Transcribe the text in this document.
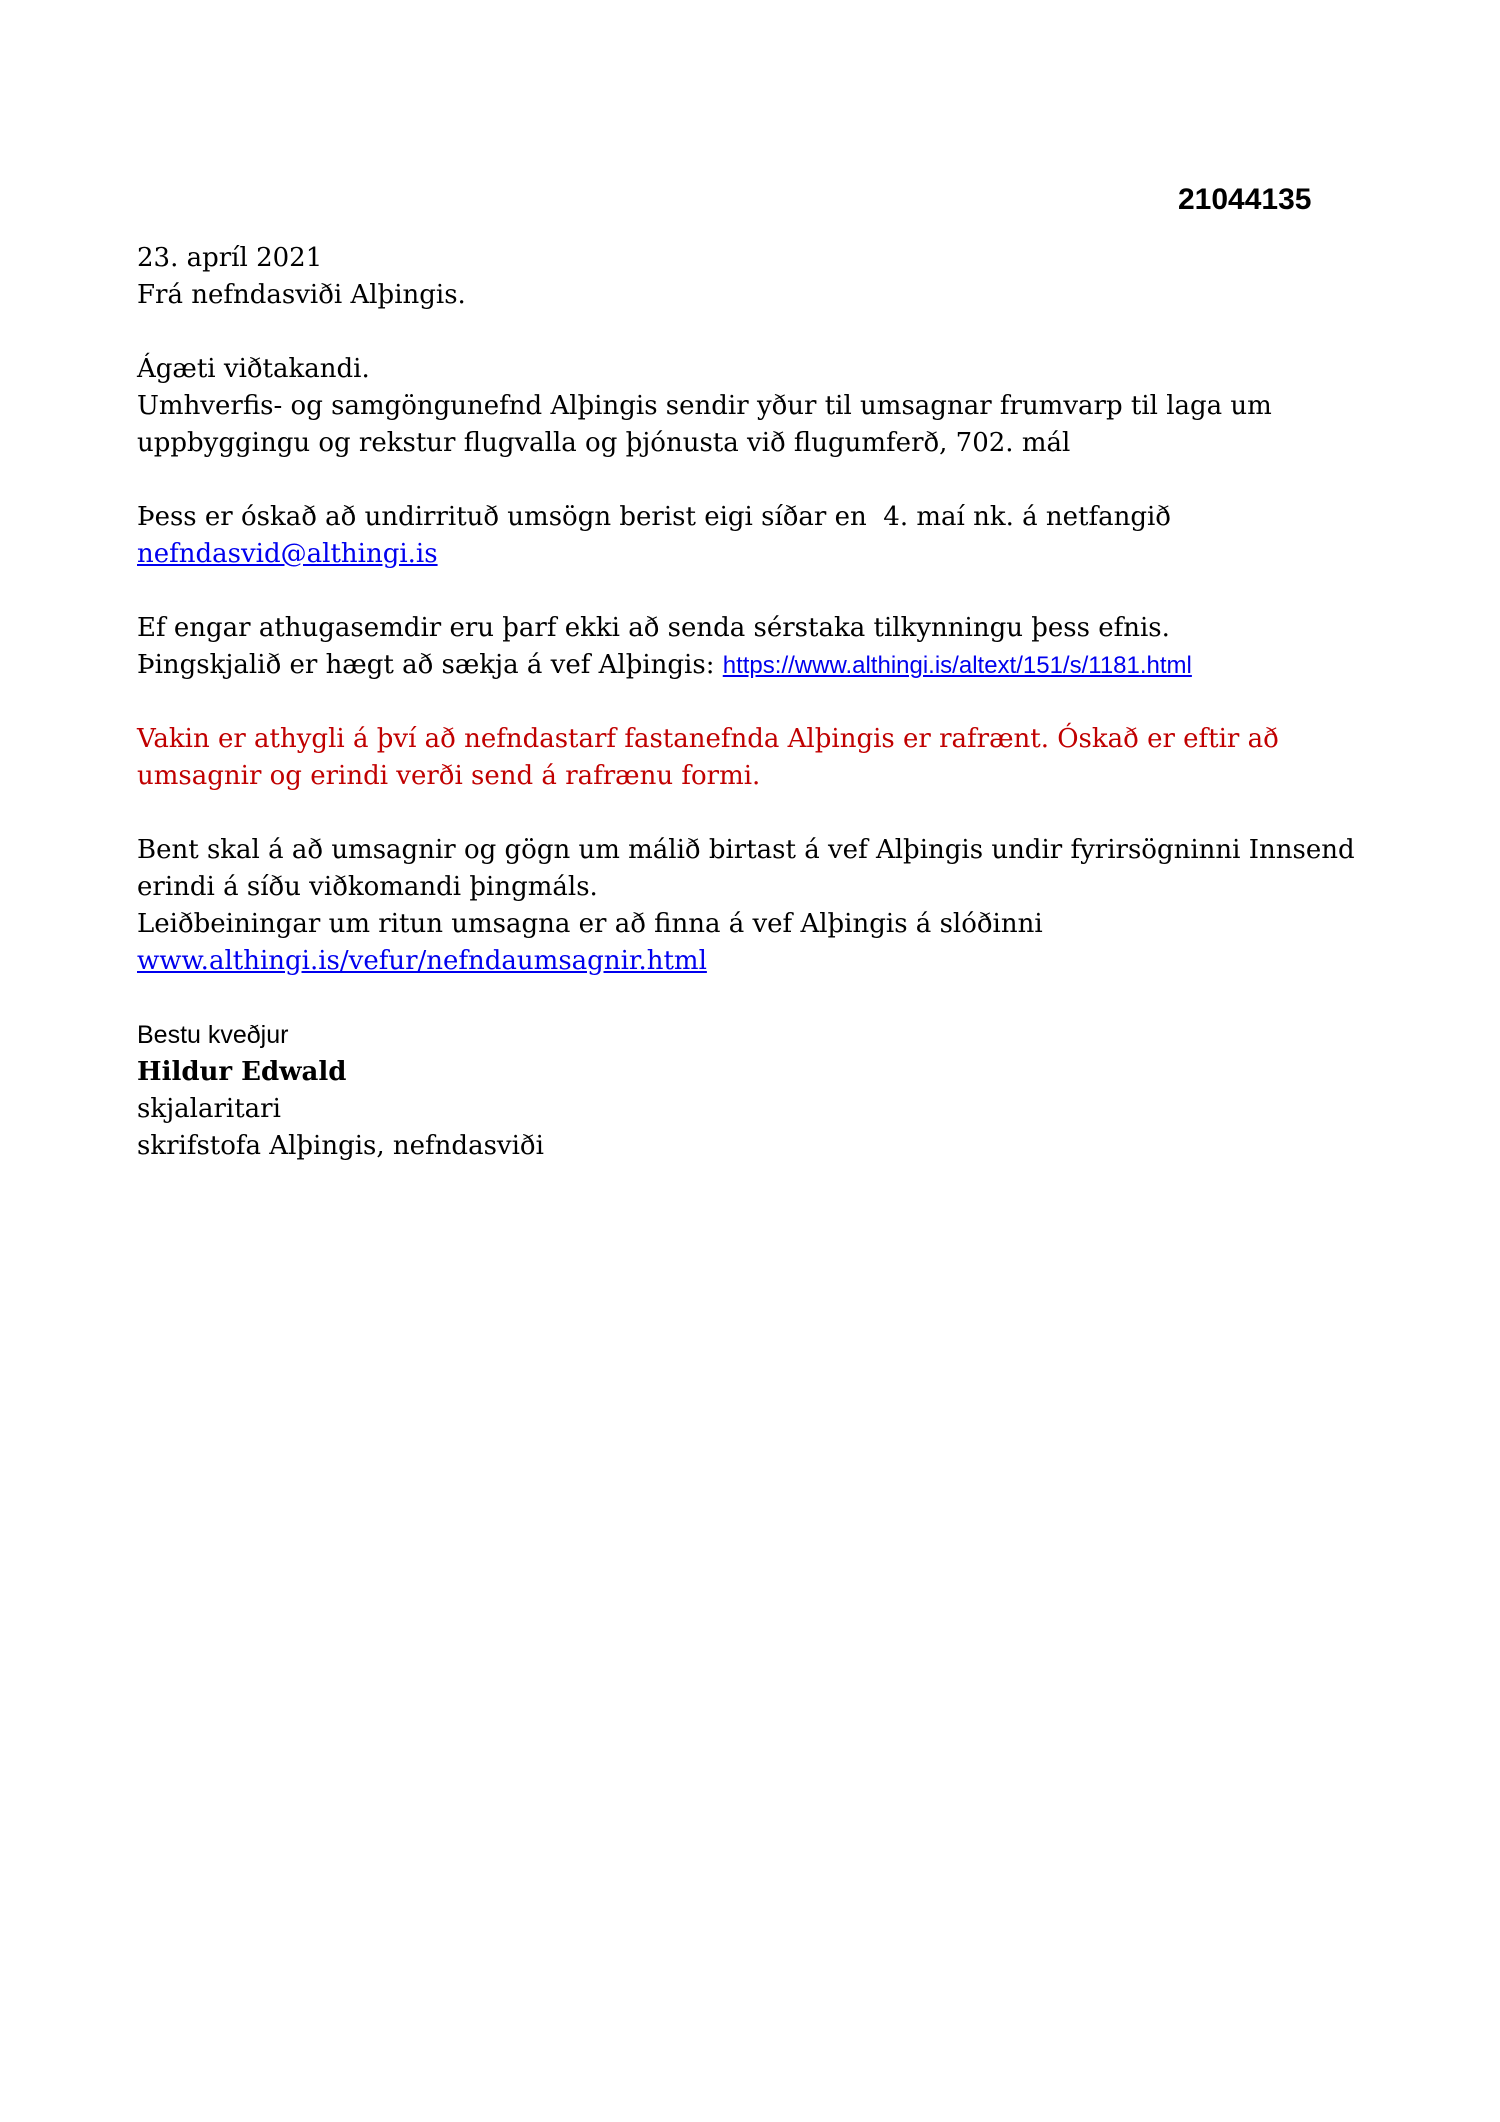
21044135
23. apríl 2021
Frá nefndasviði Alþingis.
Ágæti viðtakandi.
Umhverfis- og samgöngunefnd Alþingis sendir yður til umsagnar frumvarp til laga um
uppbyggingu og rekstur flugvalla og þjónusta við flugumferð, 702. mál
Þess er óskað að undirrituð umsögn berist eigi síðar en  4. maí nk. á netfangið
nefndasvid@althingi.is
Ef engar athugasemdir eru þarf ekki að senda sérstaka tilkynningu þess efnis.
Þingskjalið er hægt að sækja á vef Alþingis: https://www.althingi.is/altext/151/s/1181.html
Vakin er athygli á því að nefndastarf fastanefnda Alþingis er rafrænt. Óskað er eftir að
umsagnir og erindi verði send á rafrænu formi.
Bent skal á að umsagnir og gögn um málið birtast á vef Alþingis undir fyrirsögninni Innsend
erindi á síðu viðkomandi þingmáls.
Leiðbeiningar um ritun umsagna er að finna á vef Alþingis á slóðinni
www.althingi.is/vefur/nefndaumsagnir.html
Bestu kveðjur
Hildur Edwald
skjalaritari
skrifstofa Alþingis, nefndasviði
